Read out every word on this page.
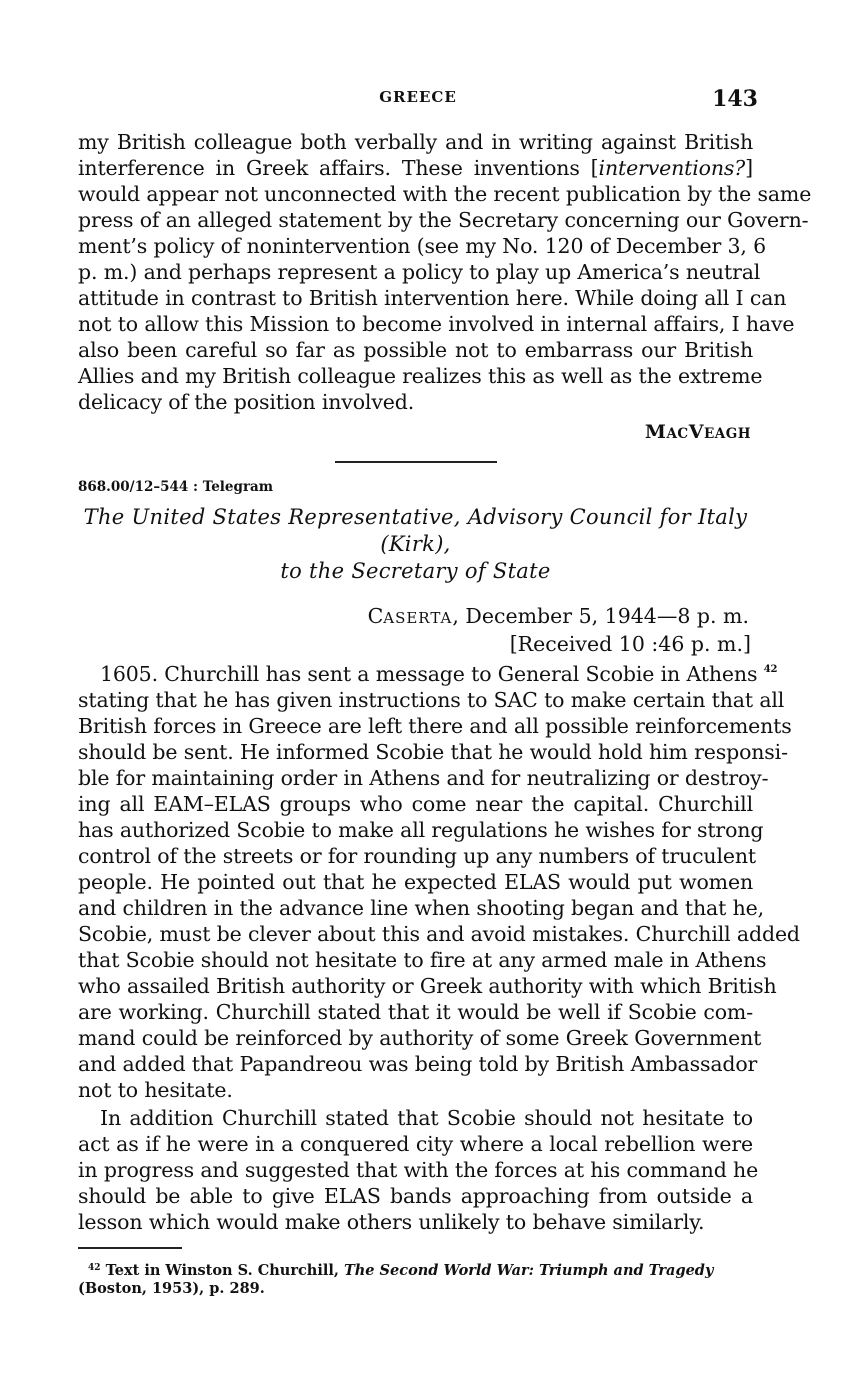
GREECE	143
my British colleague both verbally and in writing against British
interference in Greek affairs. These inventions [interventions?]
would appear not unconnected with the recent publication by the same
press of an alleged statement by the Secretary concerning our Govern-
ment’s policy of nonintervention (see my No. 120 of December 3, 6
p. m.) and perhaps represent a policy to play up America’s neutral
attitude in contrast to British intervention here. While doing all I can
not to allow this Mission to become involved in internal affairs, I have
also been careful so far as possible not to embarrass our British
Allies and my British colleague realizes this as well as the extreme
delicacy of the position involved.
MACVEAGH
868.00/12–544 : Telegram
The United States Representative, Advisory Council for Italy (Kirk),
to the Secretary of State
CASERTA, December 5, 1944—8 p. m.
[Received 10 :46 p. m.]
1605. Churchill has sent a message to General Scobie in Athens $^{42}$
stating that he has given instructions to SAC to make certain that all
British forces in Greece are left there and all possible reinforcements
should be sent. He informed Scobie that he would hold him responsi-
ble for maintaining order in Athens and for neutralizing or destroy-
ing all EAM–ELAS groups who come near the capital. Churchill
has authorized Scobie to make all regulations he wishes for strong
control of the streets or for rounding up any numbers of truculent
people. He pointed out that he expected ELAS would put women
and children in the advance line when shooting began and that he,
Scobie, must be clever about this and avoid mistakes. Churchill added
that Scobie should not hesitate to fire at any armed male in Athens
who assailed British authority or Greek authority with which British
are working. Churchill stated that it would be well if Scobie com-
mand could be reinforced by authority of some Greek Government
and added that Papandreou was being told by British Ambassador
not to hesitate.
In addition Churchill stated that Scobie should not hesitate to
act as if he were in a conquered city where a local rebellion were
in progress and suggested that with the forces at his command he
should be able to give ELAS bands approaching from outside a
lesson which would make others unlikely to behave similarly.
$^{42}$ Text in Winston S. Churchill, The Second World War: Triumph and Tragedy
(Boston, 1953), p. 289.
